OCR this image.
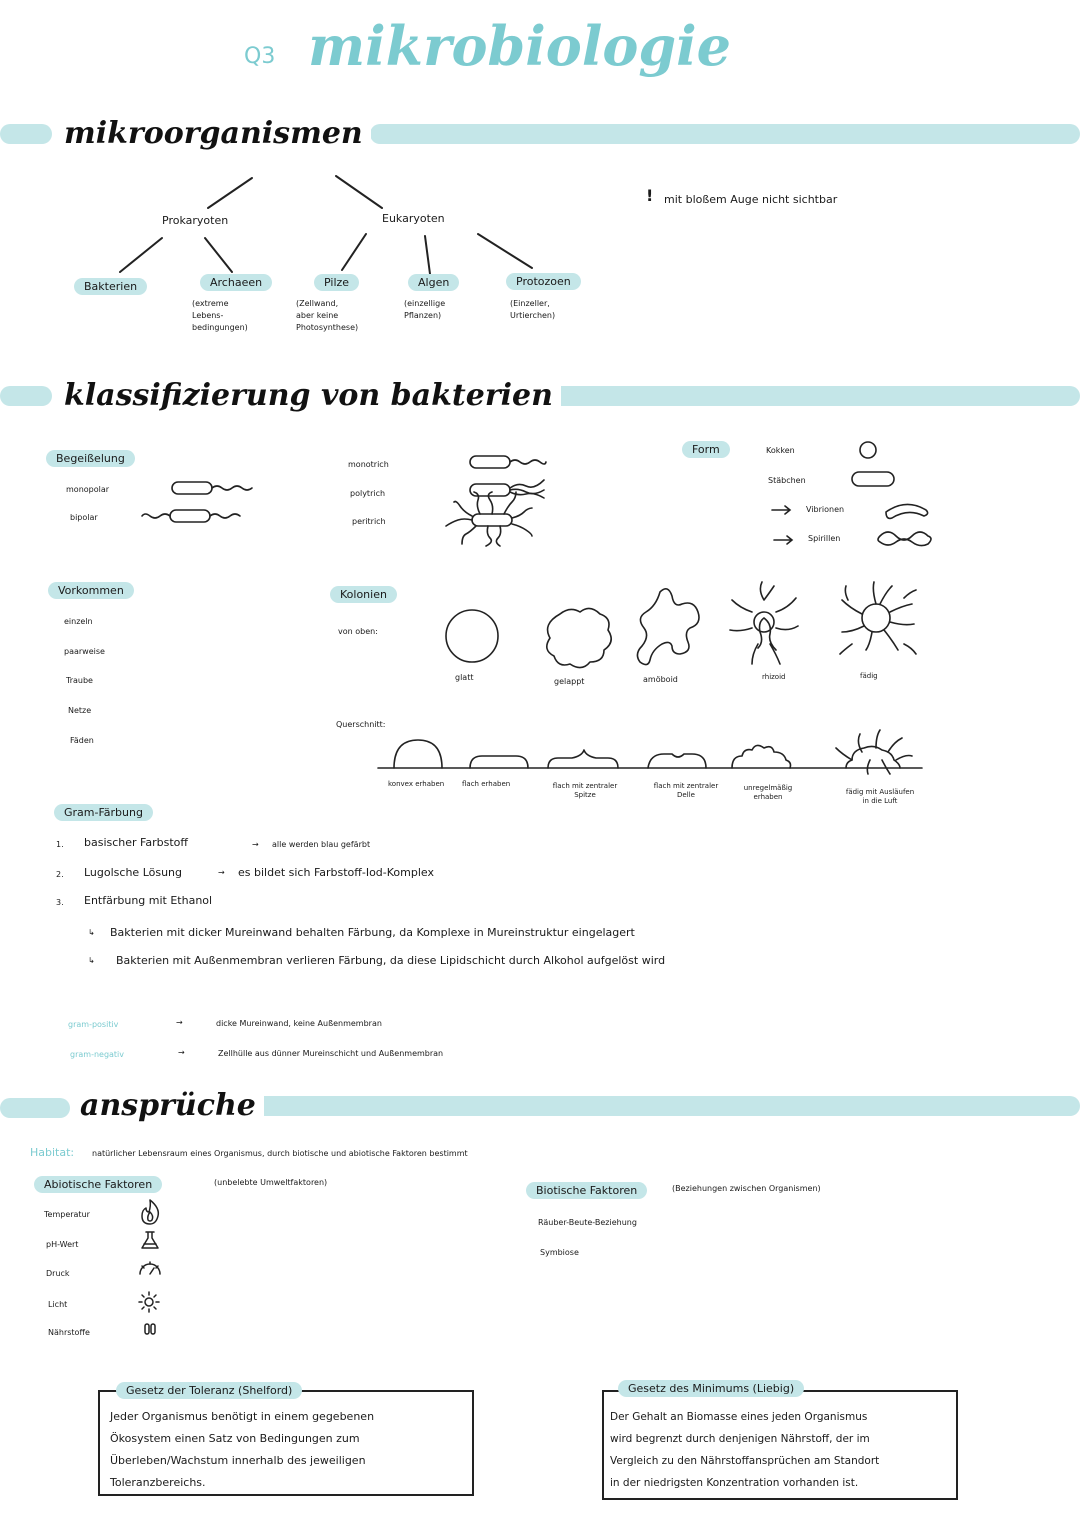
Q3 mikrobiologie
mikroorganismen
Prokaryoten	Eukaryoten
Bakterien	Archaeen	Pilze	Algen	Protozoen
(extreme
Lebens-
bedingungen)
(Zellwand,
aber keine
Photosynthese)
(einzellige
Pflanzen)
(Einzeller,
Urtierchen)
! mit bloßem Auge nicht sichtbar
klassifizierung von bakterien
Begeißelung
monopolar
bipolar
monotrich
polytrich
peritrich
Form	Kokken
Stäbchen
Vibrionen
Spirillen
Vorkommen
einzeln
paarweise
Traube
Netze
Fäden
Kolonien
von oben:
glatt	gelappt	amöboid	rhizoid	fädig
Querschnitt:
konvex erhaben	flach erhaben	flach mit zentraler
Spitze
flach mit zentraler
Delle
unregelmäßig
erhaben
fädig mit Ausläufen
in die Luft
Gram-Färbung
1. basischer Farbstoff	→ alle werden blau gefärbt
2. Lugolsche Lösung	→ es bildet sich Farbstoff-Iod-Komplex
3. Entfärbung mit Ethanol
↳ Bakterien mit dicker Mureinwand behalten Färbung, da Komplexe in Mureinstruktur eingelagert
↳ Bakterien mit Außenmembran verlieren Färbung, da diese Lipidschicht durch Alkohol aufgelöst wird
gram-positiv	→	dicke Mureinwand, keine Außenmembran
gram-negativ	→	Zellhülle aus dünner Mureinschicht und Außenmembran
ansprüche
Habitat: natürlicher Lebensraum eines Organismus, durch biotische und abiotische Faktoren bestimmt
Abiotische Faktoren	(unbelebte Umweltfaktoren)
Temperatur
pH-Wert
Druck
Licht
Nährstoffe
Biotische Faktoren	(Beziehungen zwischen Organismen)
Räuber-Beute-Beziehung
Symbiose
Gesetz der Toleranz (Shelford)
Jeder Organismus benötigt in einem gegebenen
Ökosystem einen Satz von Bedingungen zum
Überleben/Wachstum innerhalb des jeweiligen
Toleranzbereichs.
Gesetz des Minimums (Liebig)
Der Gehalt an Biomasse eines jeden Organismus
wird begrenzt durch denjenigen Nährstoff, der im
Vergleich zu den Nährstoffansprüchen am Standort
in der niedrigsten Konzentration vorhanden ist.
